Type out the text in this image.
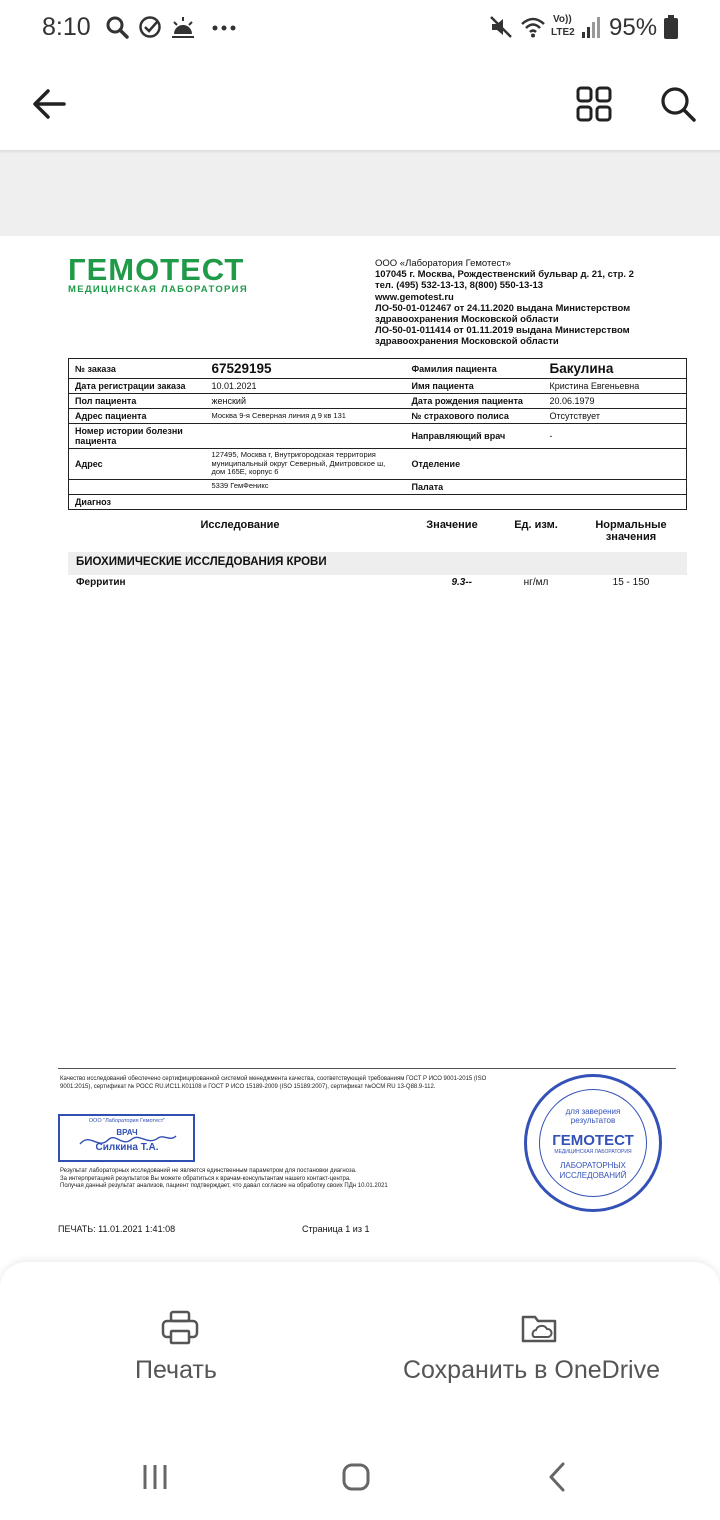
8:10	Vo))
LTE2 95%
ГЕМОТЕСТ
МЕДИЦИНСКАЯ ЛАБОРАТОРИЯ
ООО «Лаборатория Гемотест»
107045 г. Москва, Рождественский бульвар д. 21, стр. 2
тел. (495) 532-13-13, 8(800) 550-13-13
www.gemotest.ru
ЛО-50-01-012467 от 24.11.2020 выдана Министерством
здравоохранения Московской области
ЛО-50-01-011414 от 01.11.2019 выдана Министерством
здравоохранения Московской области
№ заказа	67529195	Фамилия пациента	Бакулина
Дата регистрации заказа	10.01.2021	Имя пациента	Кристина Евгеньевна
Пол пациента	женский	Дата рождения пациента	20.06.1979
Адрес пациента	Москва 9-я Северная линия д 9 кв 131	№ страхового полиса	Отсутствует
Номер истории болезни пациента		Направляющий врач	-
Адрес	127495, Москва г, Внутригородская территория муниципальный округ Северный, Дмитровское ш, дом 165Е, корпус 6	Отделение	
	5339 ГемФеникс	Палата	
Диагноз			
Исследование	Значение	Ед. изм.	Нормальные значения
БИОХИМИЧЕСКИЕ ИССЛЕДОВАНИЯ КРОВИ
Ферритин	9.3--	нг/мл	15 - 150
Качество исследований обеспечено сертифицированной системой менеджмента качества, соответствующей требованиям ГОСТ Р ИСО 9001-2015 (ISO 9001:2015), сертификат № РОСС RU.ИС11.К01108 и ГОСТ Р ИСО 15189-2009 (ISO 15189:2007), сертификат №ОСМ RU 13-Q88.9-112.
ООО "Лаборатория Гемотест"
ВРАЧ
Силкина Т.А.
Результат лабораторных исследований не является единственным параметром для постановки диагноза.
За интерпретацией результатов Вы можете обратиться к врачам-консультантам нашего контакт-центра.
Получая данный результат анализов, пациент подтверждает, что давал согласие на обработку своих ПДн 10.01.2021
для заверения результатов
ГЕМОТЕСТ
МЕДИЦИНСКАЯ ЛАБОРАТОРИЯ
ЛАБОРАТОРНЫХ
ИССЛЕДОВАНИЙ
ПЕЧАТЬ: 11.01.2021 1:41:08	Страница 1 из 1
Печать	Сохранить в OneDrive
